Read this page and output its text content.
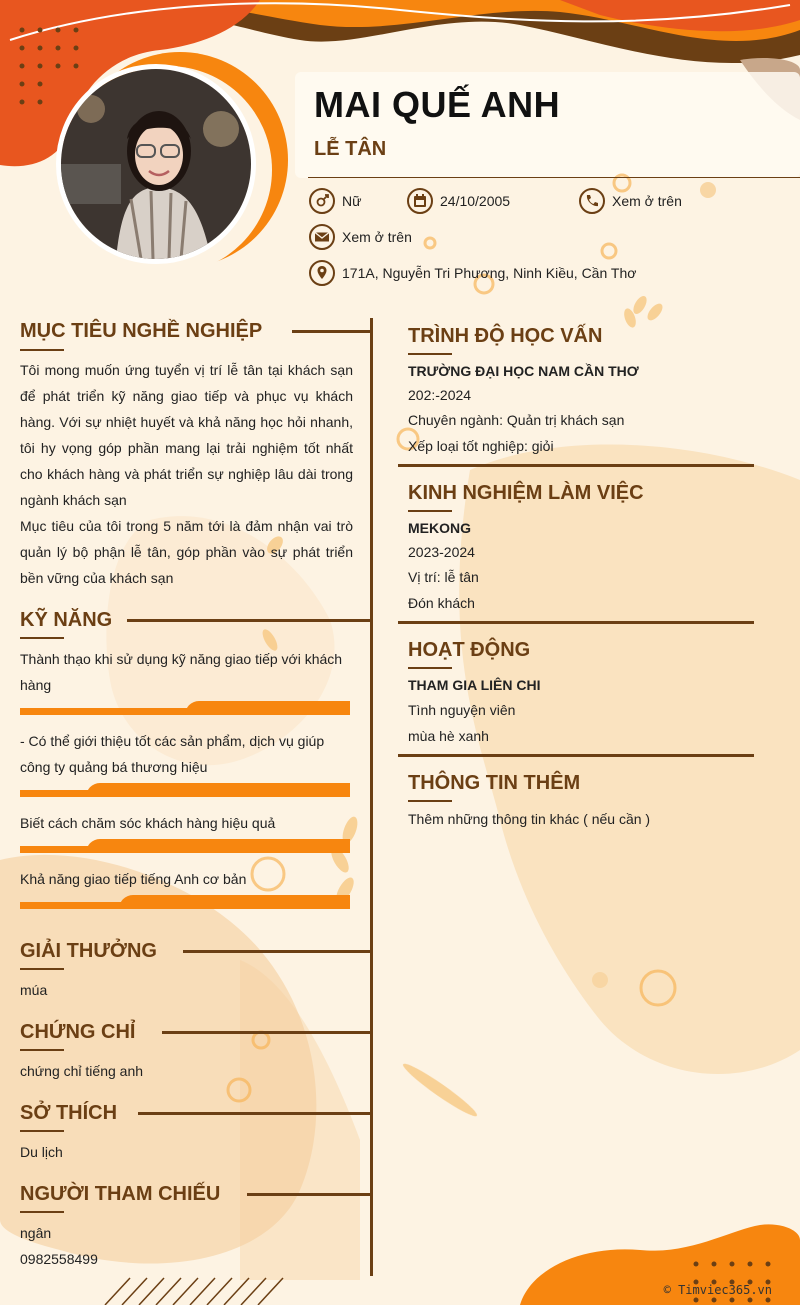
MAI QUẾ ANH
LỄ TÂN
Nữ	24/10/2005	Xem ở trên
Xem ở trên
171A, Nguyễn Tri Phương, Ninh Kiều, Cần Thơ
MỤC TIÊU NGHỀ NGHIỆP
Tôi mong muốn ứng tuyển vị trí lễ tân tại khách sạn để phát triển kỹ năng giao tiếp và phục vụ khách hàng. Với sự nhiệt huyết và khả năng học hỏi nhanh, tôi hy vọng góp phần mang lại trải nghiệm tốt nhất cho khách hàng và phát triển sự nghiệp lâu dài trong ngành khách sạn
Mục tiêu của tôi trong 5 năm tới là đảm nhận vai trò quản lý bộ phận lễ tân, góp phần vào sự phát triển bền vững của khách sạn
KỸ NĂNG
Thành thạo khi sử dụng kỹ năng giao tiếp với khách hàng
- Có thể giới thiệu tốt các sản phẩm, dịch vụ giúp công ty quảng bá thương hiệu
Biết cách chăm sóc khách hàng hiệu quả
Khả năng giao tiếp tiếng Anh cơ bản
GIẢI THƯỞNG
múa
CHỨNG CHỈ
chứng chỉ tiếng anh
SỞ THÍCH
Du lịch
NGƯỜI THAM CHIẾU
ngân
0982558499
TRÌNH ĐỘ HỌC VẤN
TRƯỜNG ĐẠI HỌC NAM CẦN THƠ
202:-2024
Chuyên ngành: Quản trị khách sạn
Xếp loại tốt nghiệp: giỏi
KINH NGHIỆM LÀM VIỆC
MEKONG
2023-2024
Vị trí: lễ tân
Đón khách
HOẠT ĐỘNG
THAM GIA LIÊN CHI
Tình nguyện viên
mùa hè xanh
THÔNG TIN THÊM
Thêm những thông tin khác ( nếu cần )
© Timviec365.vn
